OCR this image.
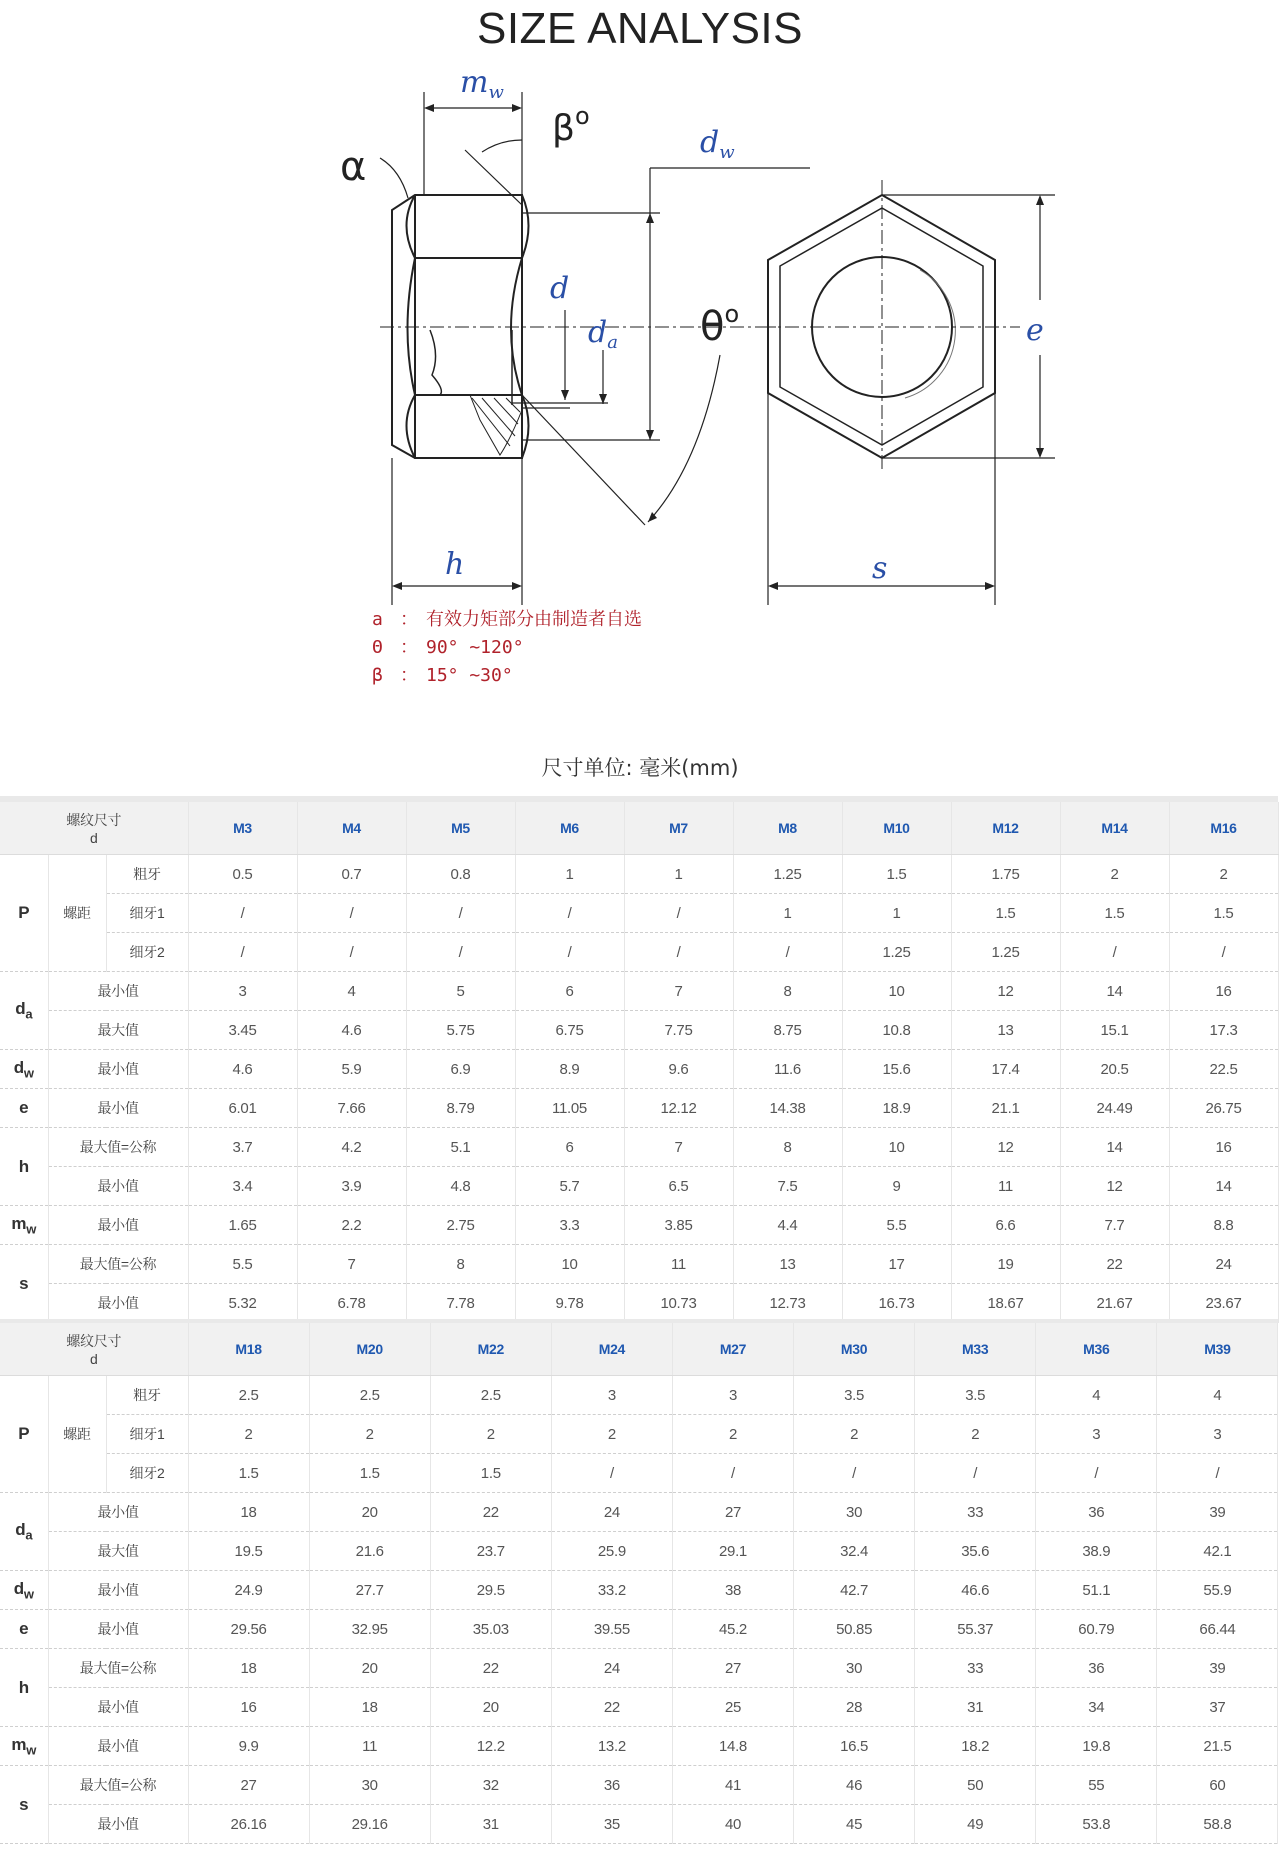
SIZE ANALYSIS
$m_w$
$d_w$
d
$d_a$	e
h	s
$\beta^o$
α
$\theta^o$
a ： 有效力矩部分由制造者自选
Θ ： 90° ~120°
β ： 15° ~30°
尺寸单位: 毫米(mm)
螺纹尺寸
d			M3	M4	M5	M6	M7	M8	M10	M12	M14	M16
P	螺距	粗牙	0.5	0.7	0.8	1	1	1.25	1.5	1.75	2	2
		细牙1	/	/	/	/	/	1	1	1.5	1.5	1.5
		细牙2	/	/	/	/	/	/	1.25	1.25	/	/
$d_a$	最小值		3	4	5	6	7	8	10	12	14	16
	最大值		3.45	4.6	5.75	6.75	7.75	8.75	10.8	13	15.1	17.3
$d_w$	最小值		4.6	5.9	6.9	8.9	9.6	11.6	15.6	17.4	20.5	22.5
e	最小值		6.01	7.66	8.79	11.05	12.12	14.38	18.9	21.1	24.49	26.75
h	最大值=公称		3.7	4.2	5.1	6	7	8	10	12	14	16
	最小值		3.4	3.9	4.8	5.7	6.5	7.5	9	11	12	14
$m_w$	最小值		1.65	2.2	2.75	3.3	3.85	4.4	5.5	6.6	7.7	8.8
s	最大值=公称		5.5	7	8	10	11	13	17	19	22	24
	最小值		5.32	6.78	7.78	9.78	10.73	12.73	16.73	18.67	21.67	23.67
螺纹尺寸
d			M18	M20	M22	M24	M27	M30	M33	M36	M39
P	螺距	粗牙	2.5	2.5	2.5	3	3	3.5	3.5	4	4
		细牙1	2	2	2	2	2	2	2	3	3
		细牙2	1.5	1.5	1.5	/	/	/	/	/	/
$d_a$	最小值		18	20	22	24	27	30	33	36	39
	最大值		19.5	21.6	23.7	25.9	29.1	32.4	35.6	38.9	42.1
$d_w$	最小值		24.9	27.7	29.5	33.2	38	42.7	46.6	51.1	55.9
e	最小值		29.56	32.95	35.03	39.55	45.2	50.85	55.37	60.79	66.44
h	最大值=公称		18	20	22	24	27	30	33	36	39
	最小值		16	18	20	22	25	28	31	34	37
$m_w$	最小值		9.9	11	12.2	13.2	14.8	16.5	18.2	19.8	21.5
s	最大值=公称		27	30	32	36	41	46	50	55	60
	最小值		26.16	29.16	31	35	40	45	49	53.8	58.8
